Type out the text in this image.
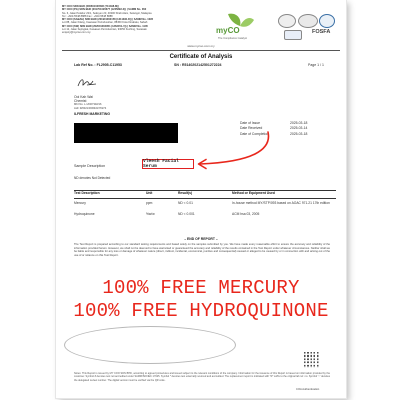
MY COO SDN BHD (200601020596 (744498-M))
MY COO (PG) SDN BHD (201701020677 (1235892-X)) | SAMM No. 062
No. 6, Jalan Pelabur 23/1, Seksyen 23, 40300 Shah Alam, Selangor, Malaysia
Tel : +603-5548 8888 Fax : +603-5548 8888
MY COO (SABAH) SDN BHD (201901002158 (1311390-D)) | SAMM No. 1095
Lot 88, Jalan Kilang, Kawasan Perindustrian, 88450 Kota Kinabalu, Sabah
MY COO (SW) SDN BHD (202001004851 (1362451-V)) | SAMM No. 1135
Lot 12, Jalan Sejingkat, Kawasan Perindustrian, 93050 Kuching, Sarawak
enquiry@mycoo.com.my	myCO
The Compliance Catalyst
FOSFA
www.mycoo.com.my
Certificate of Analysis
Lab Ref No. : FL2905-C11953	SN : R5140202142501272224	Page 1 / 1
Ooi Kah Wai
Chemist
MKI No. L.1/00/7302/16
AHI: R/0021/0/064/0/7/0274
ILFRESH MARKETING
Date of Issue	2025-03-18
Date Received	2025-03-14
Date of Completion	2025-03-18
Sample Description
Vleesh Facial Serum
ND denotes Not Detected
Test Description	Unit	Result(s)	Method or Equipment Used
Mercury	ppm	ND < 0.01	In-house method MY/STP/093 based on AOAC 971.21 17th edition
Hydroquinone	%w/w	ND < 0.001	ACM hsa 03, 2005
– END OF REPORT –
The Test Report is prepared according to our standard testing requirements and based solely on the samples submitted by you. We have made every reasonable effort to ensure the accuracy and reliability of the information provided herein. However, we shall not be deemed to have warranted or guaranteed the accuracy and reliability of the results contained in the Test Report under whatever circumstances. Neither shall we be liable and responsible for any loss or damage of whatever nature (direct, indirect, incidental, economical, punitive and consequential) caused or alleged to be caused by or in connection with and arising out of the use of or reliance on this Test Report.
100% FREE MERCURY
100% FREE HYDROQUINONE
Notes: This Report is issued by MY COO SDN BHD, according to agreed procedures and issued subject to the relevant conditions of the company. Information for the issuance of this Report is based on information provided by the customer. Symbol # denotes test not accredited under SAMM/ISO/IEC 17025. Symbol * denotes test externally sourced and accredited. The replacement report is indicated with "R" suffix to the original lab ref. no. Symbol "-" denotes the delegated review number. The digital version must be verified via the QR code.
COA Authentication
